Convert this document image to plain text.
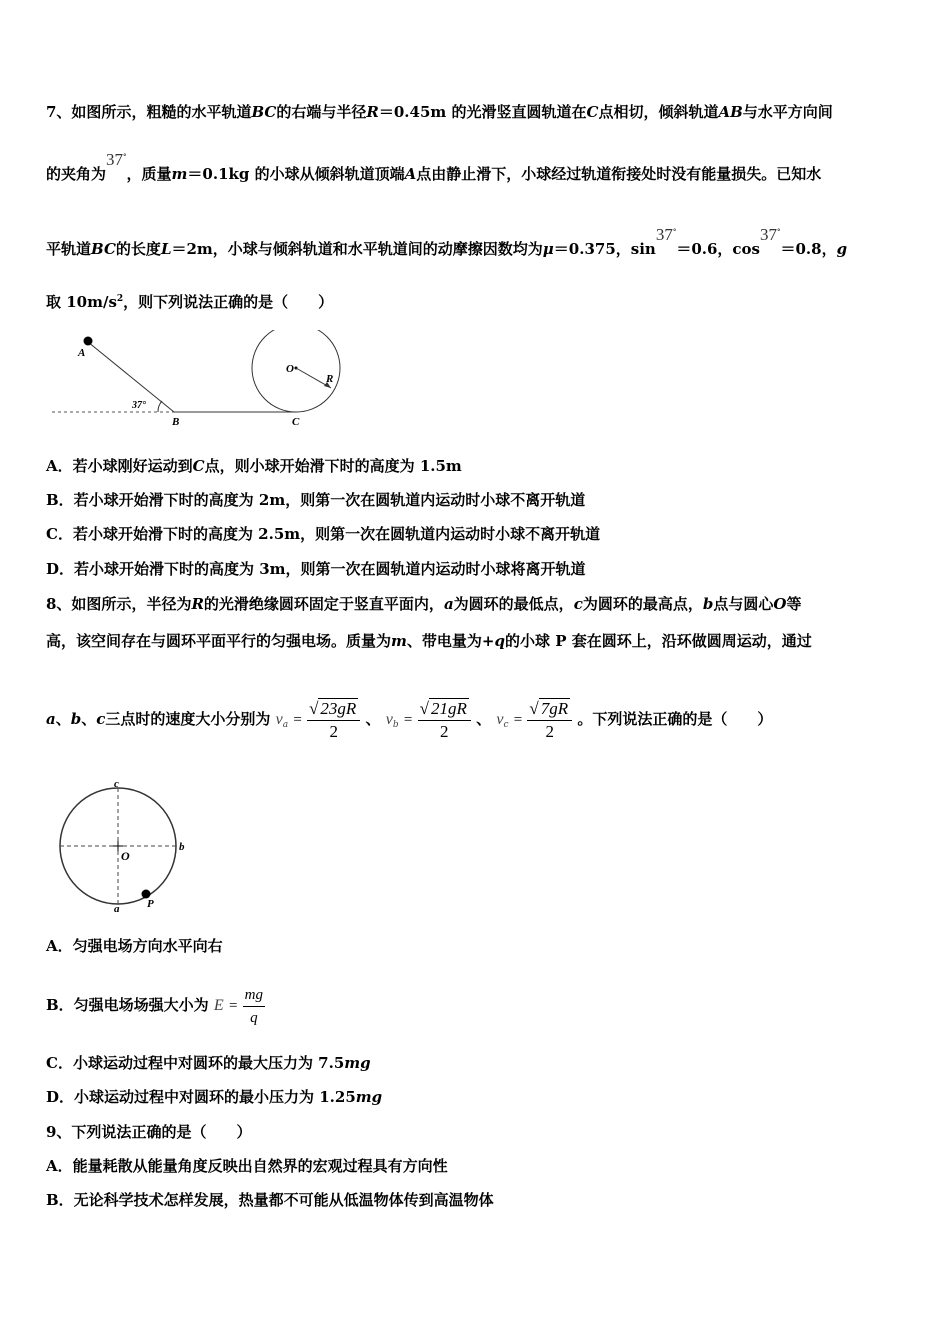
7、如图所示，粗糙的水平轨道BC的右端与半径R＝0.45m 的光滑竖直圆轨道在C点相切，倾斜轨道AB与水平方向间
的夹角为37°，质量m＝0.1kg 的小球从倾斜轨道顶端A点由静止滑下，小球经过轨道衔接处时没有能量损失。已知水
平轨道BC的长度L＝2m，小球与倾斜轨道和水平轨道间的动摩擦因数均为μ＝0.375，sin37°＝0.6，cos37°＝0.8，g
取 $10m/s^2$，则下列说法正确的是（　　）
A
37°
B	C
O
R
A．若小球刚好运动到C点，则小球开始滑下时的高度为 1.5m
B．若小球开始滑下时的高度为 2m，则第一次在圆轨道内运动时小球不离开轨道
C．若小球开始滑下时的高度为 2.5m，则第一次在圆轨道内运动时小球不离开轨道
D．若小球开始滑下时的高度为 3m，则第一次在圆轨道内运动时小球将离开轨道
8、如图所示，半径为R的光滑绝缘圆环固定于竖直平面内，a为圆环的最低点，c为圆环的最高点，b点与圆心O等
高，该空间存在与圆环平面平行的匀强电场。质量为m、带电量为+q的小球 P 套在圆环上，沿环做圆周运动，通过
a、b、c三点时的速度大小分别为 $v_a = \frac{√ 23gR}{2}$ 、 $v_b = \frac{√ 21gR}{2}$ 、 $v_c = \frac{√ 7gR}{2}$ 。下列说法正确的是（　　）
c
b
O
a	P
A．匀强电场方向水平向右
B．匀强电场场强大小为 $E = \frac{mg}{q}$
C．小球运动过程中对圆环的最大压力为 7.5mg
D．小球运动过程中对圆环的最小压力为 1.25mg
9、下列说法正确的是（　　）
A．能量耗散从能量角度反映出自然界的宏观过程具有方向性
B．无论科学技术怎样发展，热量都不可能从低温物体传到高温物体
